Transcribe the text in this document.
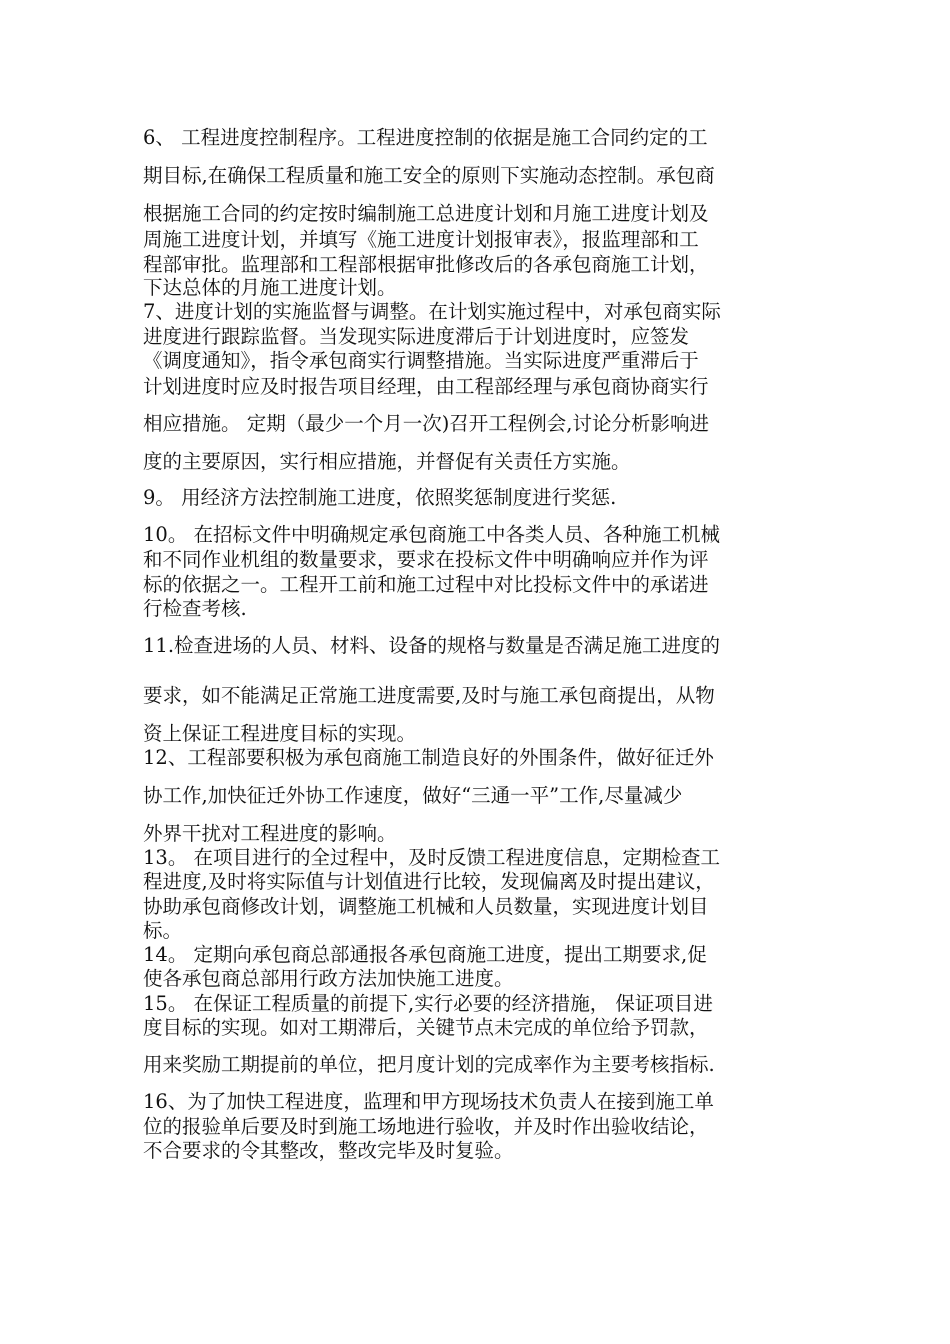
6、 工程进度控制程序。工程进度控制的依据是施工合同约定的工
期目标,在确保工程质量和施工安全的原则下实施动态控制。承包商
根据施工合同的约定按时编制施工总进度计划和月施工进度计划及
周施工进度计划，并填写《施工进度计划报审表》，报监理部和工
程部审批。监理部和工程部根据审批修改后的各承包商施工计划，
下达总体的月施工进度计划。
7、进度计划的实施监督与调整。在计划实施过程中，对承包商实际
进度进行跟踪监督。当发现实际进度滞后于计划进度时，应签发
《调度通知》，指令承包商实行调整措施。当实际进度严重滞后于
计划进度时应及时报告项目经理，由工程部经理与承包商协商实行
相应措施。 定期（最少一个月一次)召开工程例会,讨论分析影响进
度的主要原因，实行相应措施，并督促有关责任方实施。
9。 用经济方法控制施工进度，依照奖惩制度进行奖惩.
10。 在招标文件中明确规定承包商施工中各类人员、各种施工机械
和不同作业机组的数量要求，要求在投标文件中明确响应并作为评
标的依据之一。工程开工前和施工过程中对比投标文件中的承诺进
行检查考核.
11.检查进场的人员、材料、设备的规格与数量是否满足施工进度的
要求，如不能满足正常施工进度需要,及时与施工承包商提出，从物
资上保证工程进度目标的实现。
12、工程部要积极为承包商施工制造良好的外围条件，做好征迁外
协工作,加快征迁外协工作速度，做好“三通一平”工作,尽量减少
外界干扰对工程进度的影响。
13。 在项目进行的全过程中，及时反馈工程进度信息，定期检查工
程进度,及时将实际值与计划值进行比较，发现偏离及时提出建议，
协助承包商修改计划，调整施工机械和人员数量，实现进度计划目
标。
14。 定期向承包商总部通报各承包商施工进度，提出工期要求,促
使各承包商总部用行政方法加快施工进度。
15。 在保证工程质量的前提下,实行必要的经济措施， 保证项目进
度目标的实现。如对工期滞后，关键节点未完成的单位给予罚款，
用来奖励工期提前的单位，把月度计划的完成率作为主要考核指标.
16、为了加快工程进度，监理和甲方现场技术负责人在接到施工单
位的报验单后要及时到施工场地进行验收，并及时作出验收结论，
不合要求的令其整改，整改完毕及时复验。
